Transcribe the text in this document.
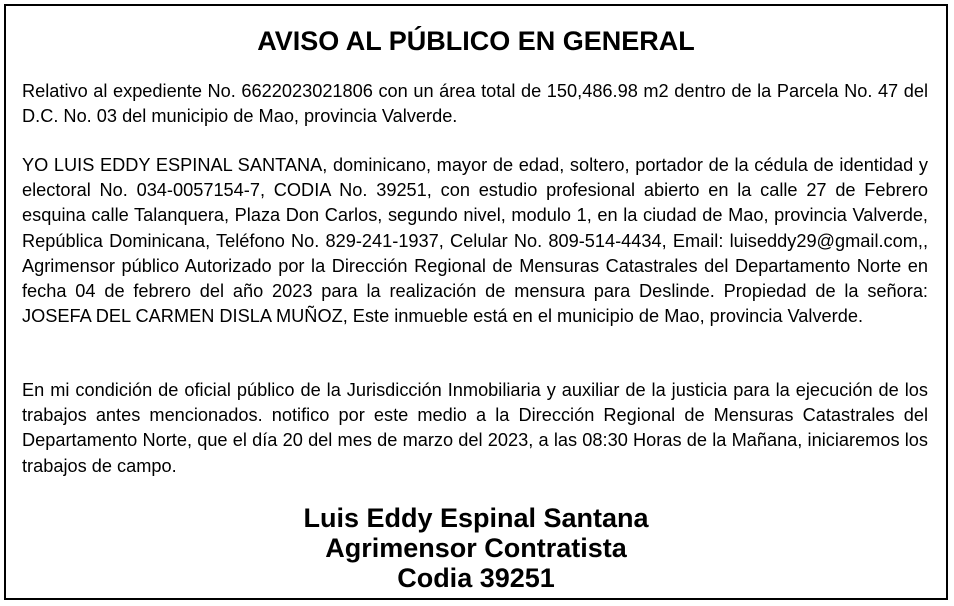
AVISO AL PÚBLICO EN GENERAL

Relativo al expediente No. 6622023021806 con un área total de 150,486.98 m2 dentro de la Parcela No. 47 del D.C. No. 03 del municipio de Mao, provincia Valverde.

YO LUIS EDDY ESPINAL SANTANA, dominicano, mayor de edad, soltero, portador de la cédula de identidad y electoral No. 034-0057154-7, CODIA No. 39251, con estudio profesional abierto en la calle 27 de Febrero esquina calle Talanquera, Plaza Don Carlos, segundo nivel, modulo 1, en la ciudad de Mao, provincia Valverde, República Dominicana, Teléfono No. 829-241-1937, Celular No. 809-514-4434, Email: luiseddy29@gmail.com,, Agrimensor público Autorizado por la Dirección Regional de Mensuras Catastrales del Departamento Norte en fecha 04 de febrero del año 2023 para la realización de mensura para Deslinde. Propiedad de la señora: JOSEFA DEL CARMEN DISLA MUÑOZ, Este inmueble está en el municipio de Mao, provincia Valverde.

En mi condición de oficial público de la Jurisdicción Inmobiliaria y auxiliar de la justicia para la ejecución de los trabajos antes mencionados. notifico por este medio a la Dirección Regional de Mensuras Catastrales del Departamento Norte, que el día 20 del mes de marzo del 2023, a las 08:30 Horas de la Mañana, iniciaremos los trabajos de campo.

Luis Eddy Espinal Santana
Agrimensor Contratista
Codia 39251
